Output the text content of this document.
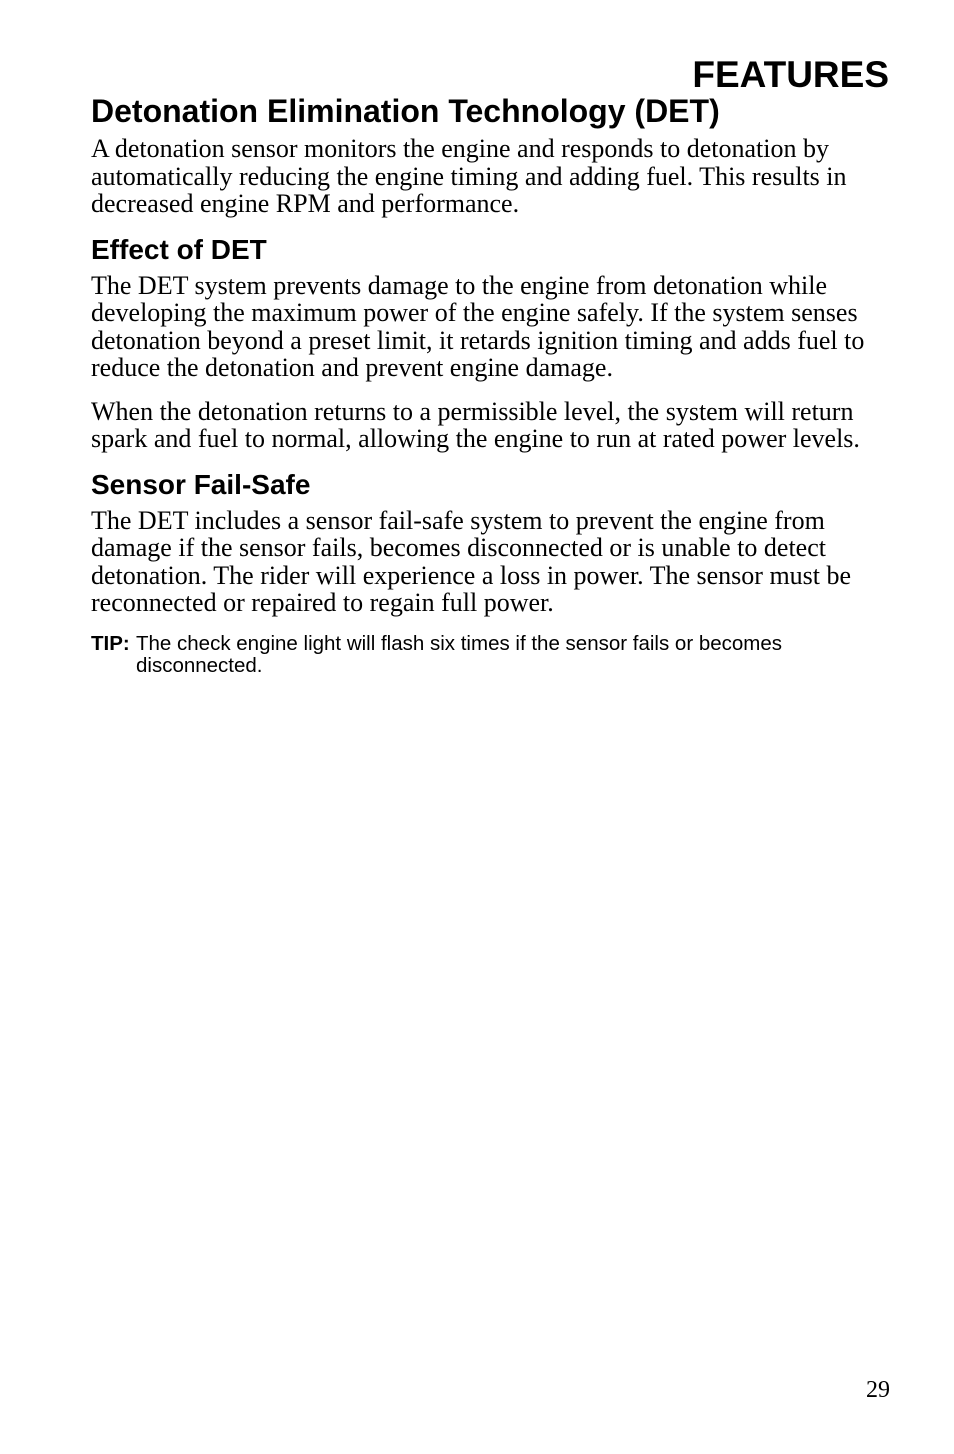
FEATURES
Detonation Elimination Technology (DET)

A detonation sensor monitors the engine and responds to detonation by automatically reducing the engine timing and adding fuel. This results in decreased engine RPM and performance.

Effect of DET

The DET system prevents damage to the engine from detonation while developing the maximum power of the engine safely. If the system senses detonation beyond a preset limit, it retards ignition timing and adds fuel to reduce the detonation and prevent engine damage.

When the detonation returns to a permissible level, the system will return spark and fuel to normal, allowing the engine to run at rated power levels.

Sensor Fail-Safe

The DET includes a sensor fail-safe system to prevent the engine from damage if the sensor fails, becomes disconnected or is unable to detect detonation. The rider will experience a loss in power. The sensor must be reconnected or repaired to regain full power.

TIP: The check engine light will flash six times if the sensor fails or becomes disconnected.
29
